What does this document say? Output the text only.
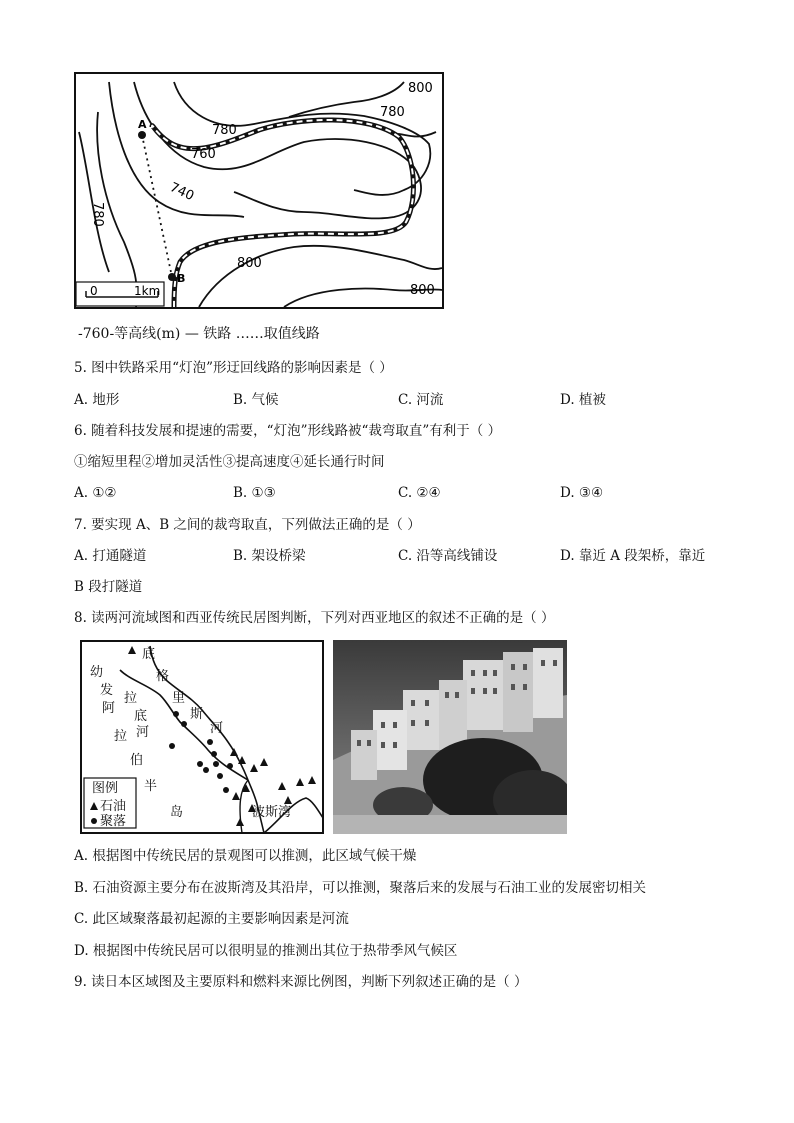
A
B
800
780
780
760
740
780
800
800
0	1km
-760-等高线(m) — 铁路 ……取值线路
5. 图中铁路采用“灯泡”形迂回线路的影响因素是（ ）
A. 地形	B. 气候	C. 河流	D. 植被
6. 随着科技发展和提速的需要，“灯泡”形线路被“裁弯取直”有利于（ ）
①缩短里程②增加灵活性③提高速度④延长通行时间
A. ①②	B. ①③	C. ②④	D. ③④
7. 要实现 A、B 之间的裁弯取直，下列做法正确的是（ ）
A. 打通隧道	B. 架设桥梁	C. 沿等高线铺设	D. 靠近 A 段架桥，靠近
B 段打隧道
8. 读两河流域图和西亚传统民居图判断，下列对西亚地区的叙述不正确的是（ ）
底
格
里
斯
河
幼
发
拉
底
河
阿
拉
伯
半
岛	波斯湾
图例
石油
聚落
A. 根据图中传统民居的景观图可以推测，此区域气候干燥
B. 石油资源主要分布在波斯湾及其沿岸，可以推测，聚落后来的发展与石油工业的发展密切相关
C. 此区域聚落最初起源的主要影响因素是河流
D. 根据图中传统民居可以很明显的推测出其位于热带季风气候区
9. 读日本区域图及主要原料和燃料来源比例图，判断下列叙述正确的是（ ）
